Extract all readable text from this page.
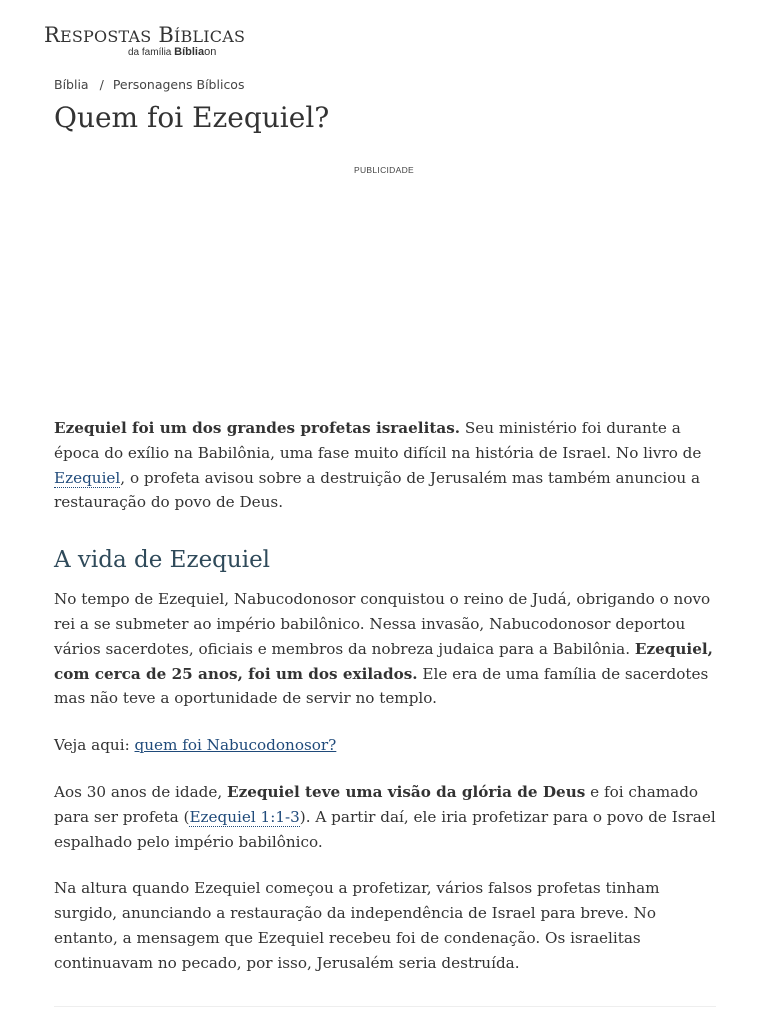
RESPOSTAS BÍBLICAS
da família Bíbliaon
Bíblia / Personagens Bíblicos
Quem foi Ezequiel?
PUBLICIDADE

Ezequiel foi um dos grandes profetas israelitas. Seu ministério foi durante a época do exílio na Babilônia, uma fase muito difícil na história de Israel. No livro de Ezequiel, o profeta avisou sobre a destruição de Jerusalém mas também anunciou a restauração do povo de Deus.

A vida de Ezequiel

No tempo de Ezequiel, Nabucodonosor conquistou o reino de Judá, obrigando o novo rei a se submeter ao império babilônico. Nessa invasão, Nabucodonosor deportou vários sacerdotes, oficiais e membros da nobreza judaica para a Babilônia. Ezequiel, com cerca de 25 anos, foi um dos exilados. Ele era de uma família de sacerdotes mas não teve a oportunidade de servir no templo.

Veja aqui: quem foi Nabucodonosor?

Aos 30 anos de idade, Ezequiel teve uma visão da glória de Deus e foi chamado para ser profeta (Ezequiel 1:1-3). A partir daí, ele iria profetizar para o povo de Israel espalhado pelo império babilônico.

Na altura quando Ezequiel começou a profetizar, vários falsos profetas tinham surgido, anunciando a restauração da independência de Israel para breve. No entanto, a mensagem que Ezequiel recebeu foi de condenação. Os israelitas continuavam no pecado, por isso, Jerusalém seria destruída.
